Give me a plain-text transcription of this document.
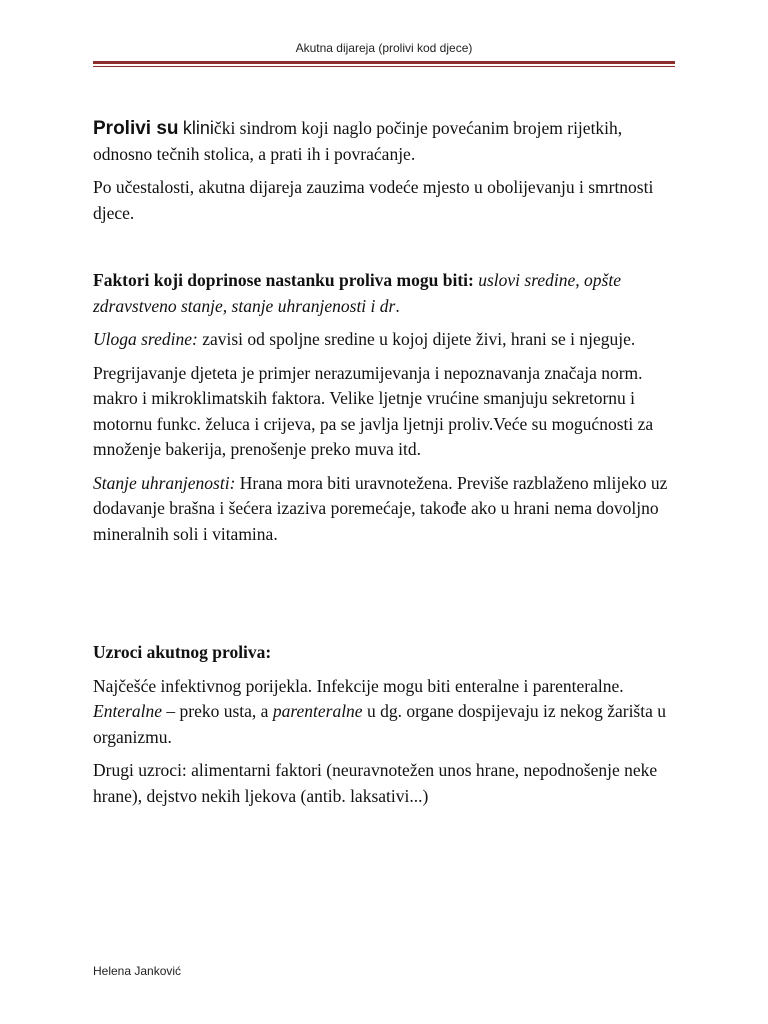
Akutna dijareja (prolivi kod djece)

Prolivi su klinički sindrom koji naglo počinje povećanim brojem rijetkih, odnosno tečnih stolica, a prati ih i povraćanje.

Po učestalosti, akutna dijareja zauzima vodeće mjesto u obolijevanju i smrtnosti djece.

Faktori koji doprinose nastanku proliva mogu biti: uslovi sredine, opšte zdravstveno stanje, stanje uhranjenosti i dr.

Uloga sredine: zavisi od spoljne sredine u kojoj dijete živi, hrani se i njeguje.

Pregrijavanje djeteta je primjer nerazumijevanja i nepoznavanja značaja norm. makro i mikroklimatskih faktora. Velike ljetnje vrućine smanjuju sekretornu i motornu funkc. želuca i crijeva, pa se javlja ljetnji proliv.Veće su mogućnosti za množenje bakerija, prenošenje preko muva itd.

Stanje uhranjenosti: Hrana mora biti uravnotežena. Previše razblaženo mlijeko uz dodavanje brašna i šećera izaziva poremećaje, takođe ako u hrani nema dovoljno mineralnih soli i vitamina.

Uzroci akutnog proliva:

Najčešće infektivnog porijekla. Infekcije mogu biti enteralne i parenteralne. Enteralne – preko usta, a parenteralne u dg. organe dospijevaju iz nekog žarišta u organizmu.

Drugi uzroci: alimentarni faktori (neuravnotežen unos hrane, nepodnošenje neke hrane), dejstvo nekih ljekova (antib. laksativi...)

Helena Janković
